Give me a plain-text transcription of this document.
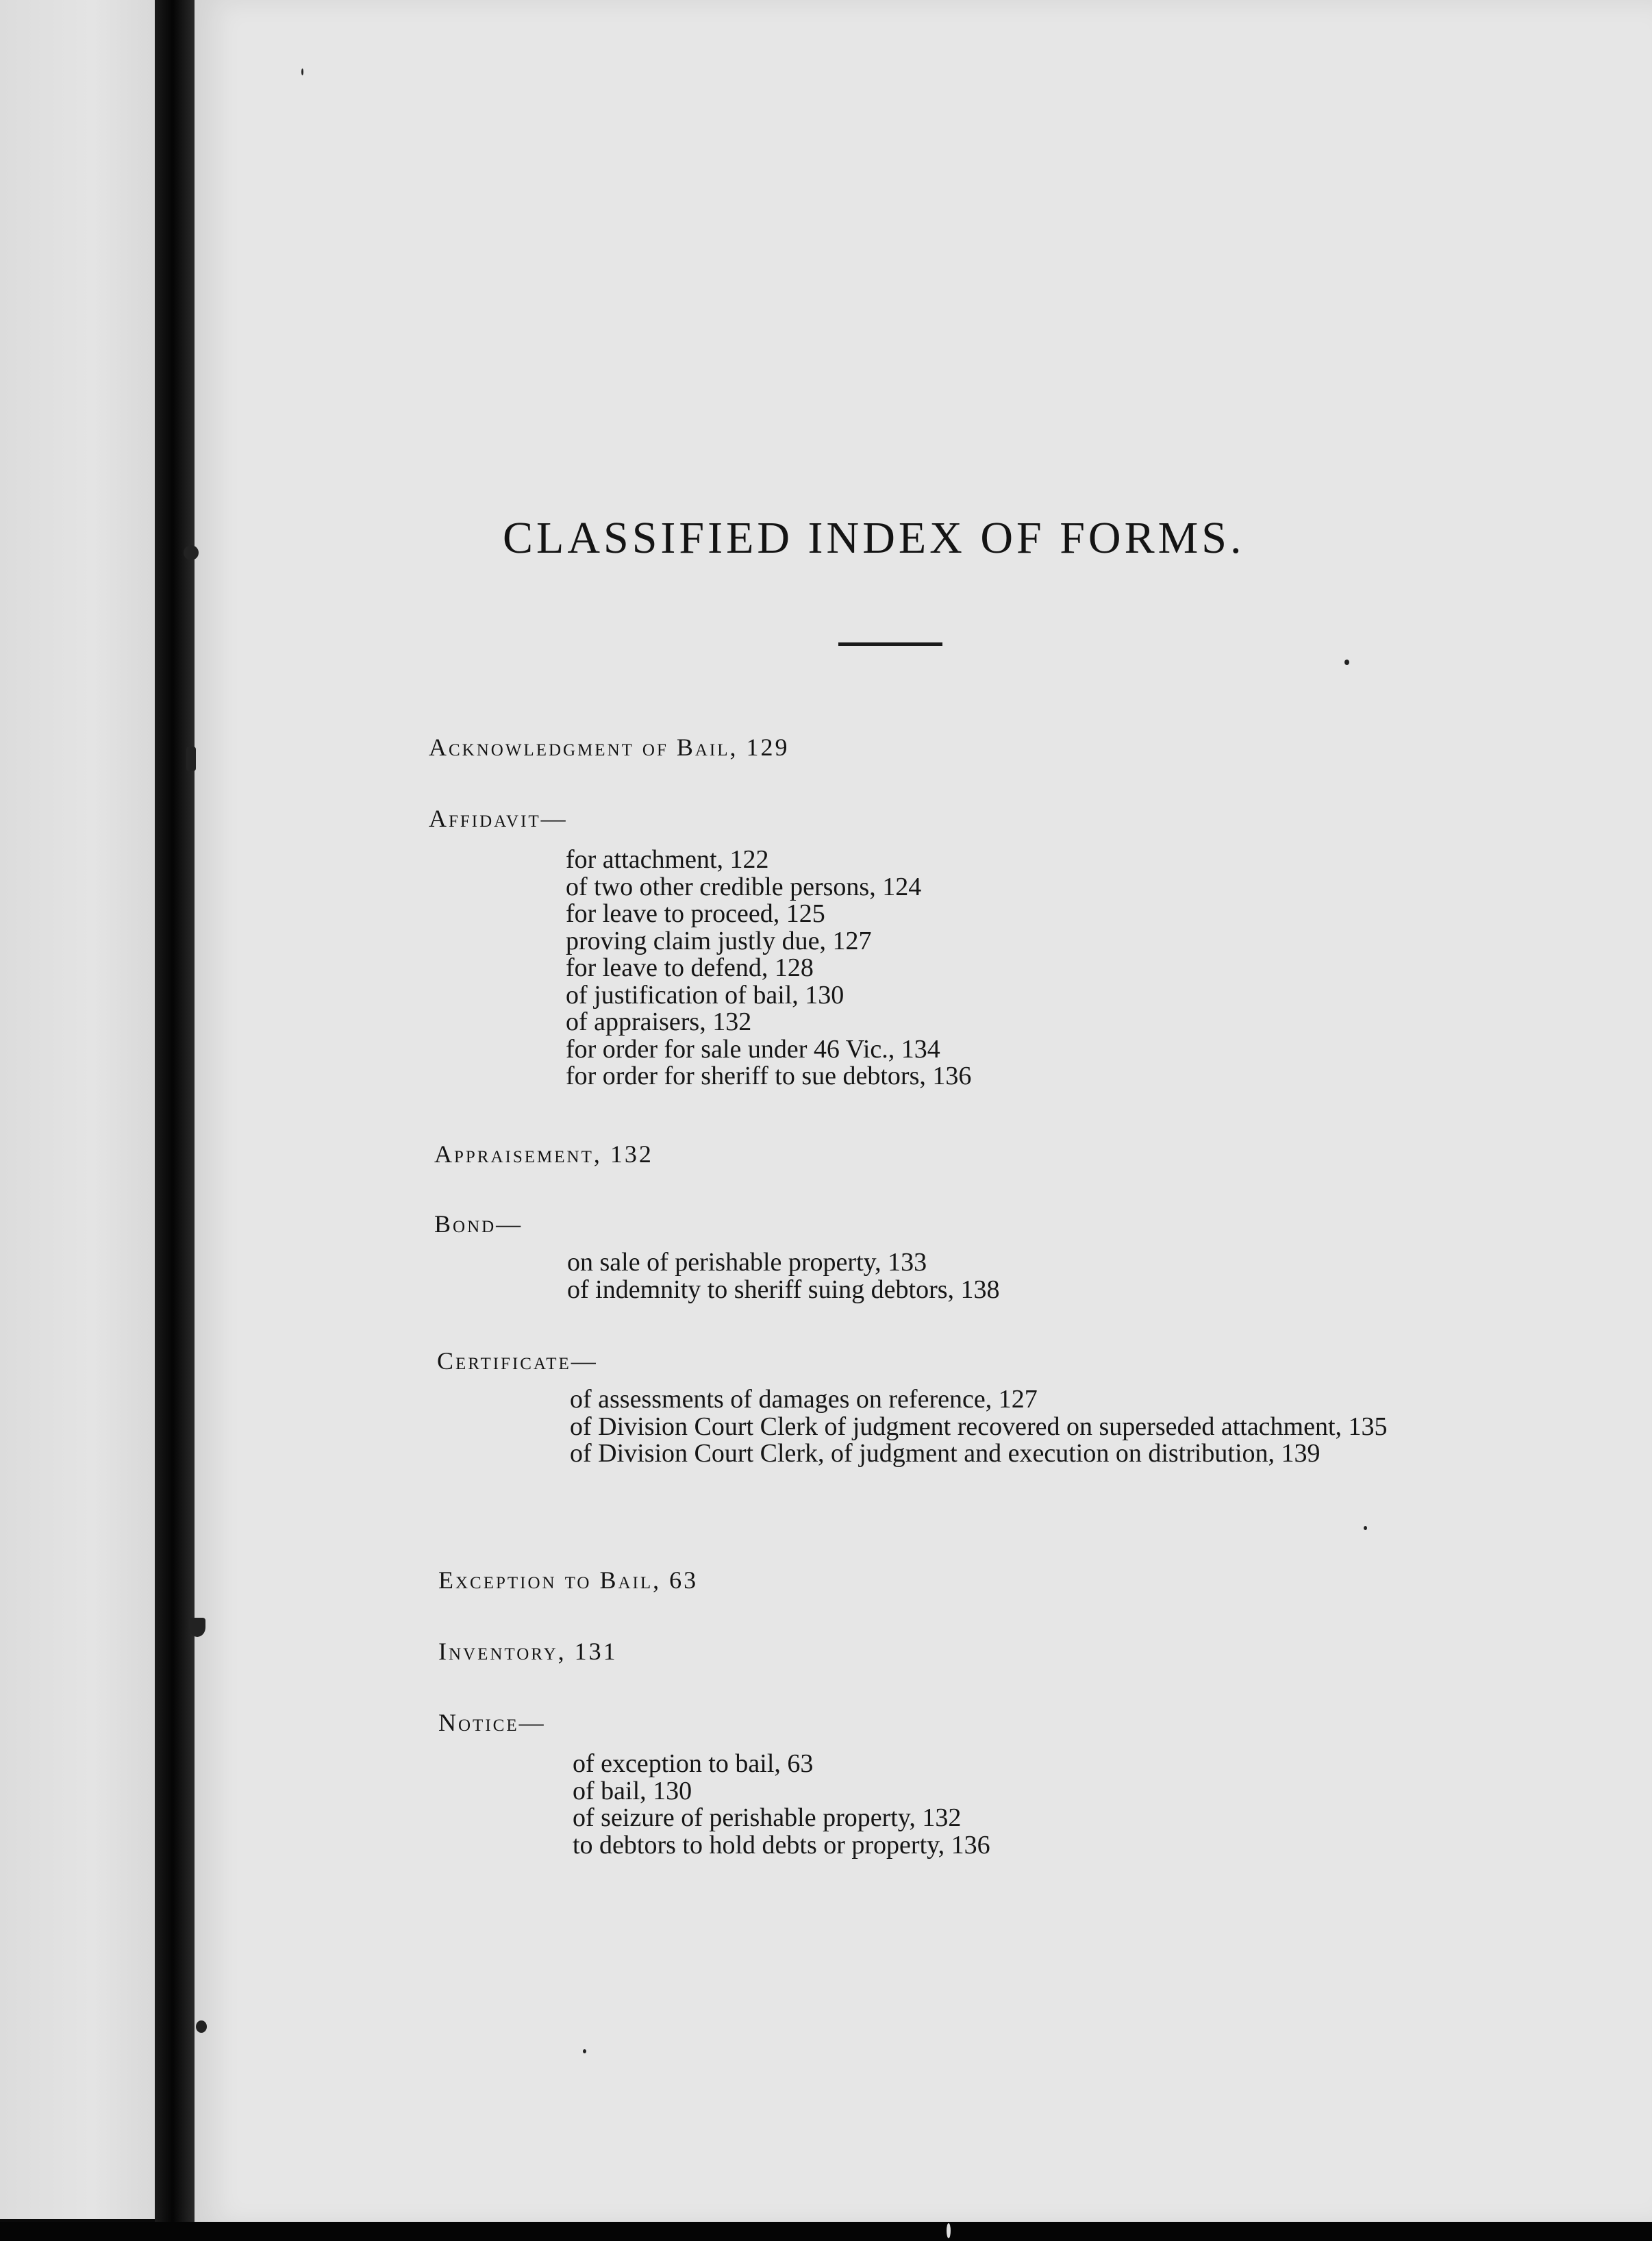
CLASSIFIED INDEX OF FORMS.
Acknowledgment of Bail, 129
Affidavit—
for attachment, 122
of two other credible persons, 124
for leave to proceed, 125
proving claim justly due, 127
for leave to defend, 128
of justification of bail, 130
of appraisers, 132
for order for sale under 46 Vic., 134
for order for sheriff to sue debtors, 136
Appraisement, 132
Bond—
on sale of perishable property, 133
of indemnity to sheriff suing debtors, 138
Certificate—
of assessments of damages on reference, 127
of Division Court Clerk of judgment recovered on superseded attachment, 135
of Division Court Clerk, of judgment and execution on distribution, 139
Exception to Bail, 63
Inventory, 131
Notice—
of exception to bail, 63
of bail, 130
of seizure of perishable property, 132
to debtors to hold debts or property, 136
